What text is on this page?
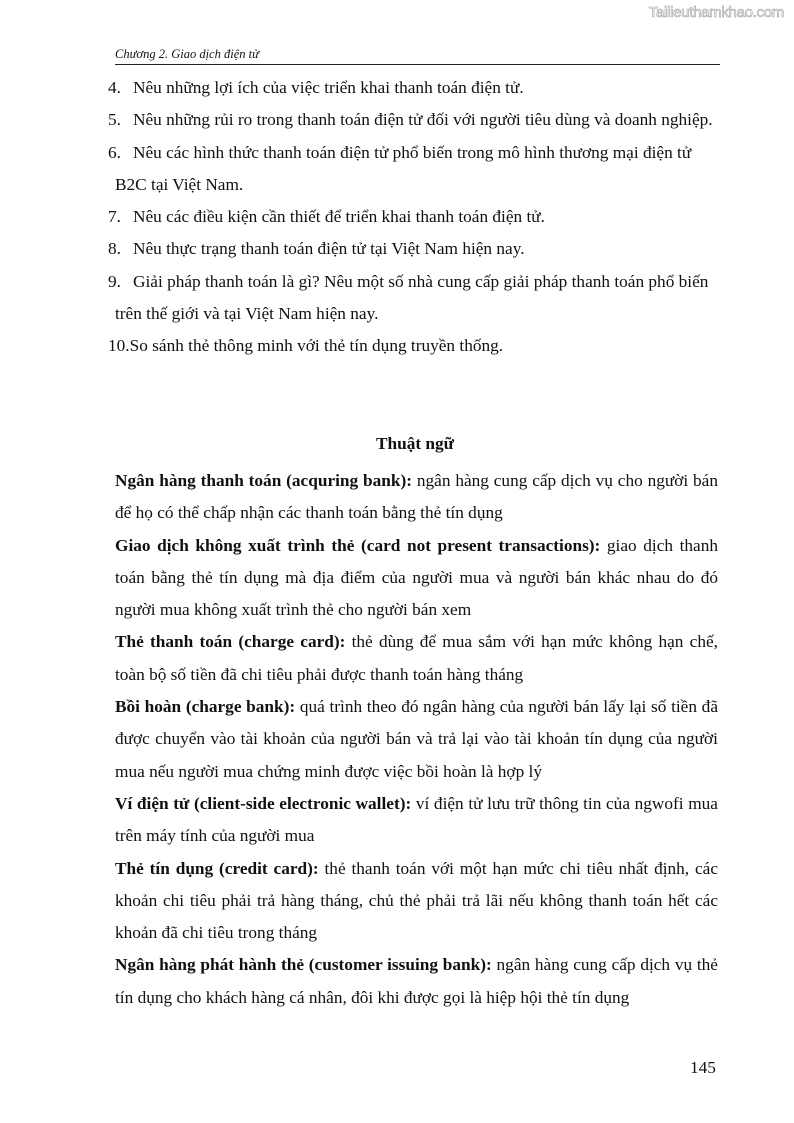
Tailieuthamkhao.com
Chương 2. Giao dịch điện tử
4. Nêu những lợi ích của việc triển khai thanh toán điện tử.
5. Nêu những rủi ro trong thanh toán điện tử đối với người tiêu dùng và doanh nghiệp.
6. Nêu các hình thức thanh toán điện tử phổ biến trong mô hình thương mại điện tử B2C tại Việt Nam.
7. Nêu các điều kiện cần thiết để triển khai thanh toán điện tử.
8. Nêu thực trạng thanh toán điện tử tại Việt Nam hiện nay.
9. Giải pháp thanh toán là gì? Nêu một số nhà cung cấp giải pháp thanh toán phổ biến trên thế giới và tại Việt Nam hiện nay.
10.So sánh thẻ thông minh với thẻ tín dụng truyền thống.
Thuật ngữ

Ngân hàng thanh toán (acquring bank): ngân hàng cung cấp dịch vụ cho người bán để họ có thể chấp nhận các thanh toán bằng thẻ tín dụng

Giao dịch không xuất trình thẻ (card not present transactions): giao dịch thanh toán bằng thẻ tín dụng mà địa điểm của người mua và người bán khác nhau do đó người mua không xuất trình thẻ cho người bán xem

Thẻ thanh toán (charge card): thẻ dùng để mua sắm với hạn mức không hạn chế, toàn bộ số tiền đã chi tiêu phải được thanh toán hàng tháng

Bồi hoàn (charge bank): quá trình theo đó ngân hàng của người bán lấy lại số tiền đã được chuyển vào tài khoản của người bán và trả lại vào tài khoản tín dụng của người mua nếu người mua chứng minh được việc bồi hoàn là hợp lý

Ví điện tử (client-side electronic wallet): ví điện tử lưu trữ thông tin của ngwofi mua trên máy tính của người mua

Thẻ tín dụng (credit card): thẻ thanh toán với một hạn mức chi tiêu nhất định, các khoản chi tiêu phải trả hàng tháng, chủ thẻ phải trả lãi nếu không thanh toán hết các khoản đã chi tiêu trong tháng

Ngân hàng phát hành thẻ (customer issuing bank): ngân hàng cung cấp dịch vụ thẻ tín dụng cho khách hàng cá nhân, đôi khi được gọi là hiệp hội thẻ tín dụng

145
